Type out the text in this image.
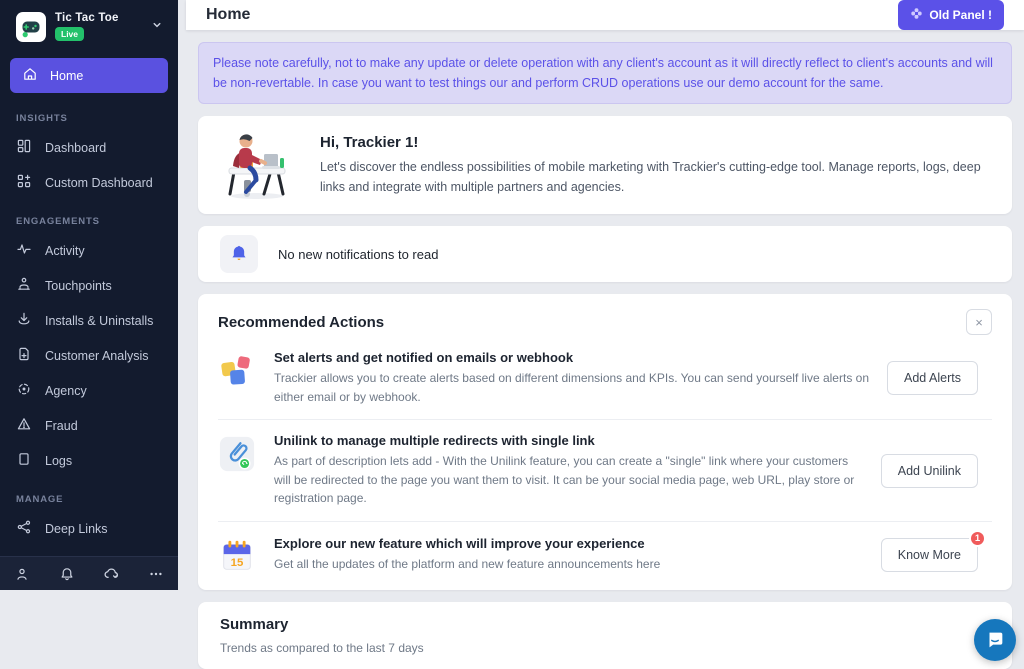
Tic Tac Toe
Live
Home
INSIGHTS
Dashboard
Custom Dashboard
ENGAGEMENTS
Activity
Touchpoints
Installs & Uninstalls
Customer Analysis
Agency
Fraud
Logs
MANAGE
Deep Links
Home	Old Panel !
Please note carefully, not to make any update or delete operation with any client's account as it will directly reflect to client's accounts and will be non-revertable. In case you want to test things our and perform CRUD operations use our demo account for the same.
Hi, Trackier 1!
Let's discover the endless possibilities of mobile marketing with Trackier's cutting-edge tool. Manage reports, logs, deep links and integrate with multiple partners and agencies.
No new notifications to read
Recommended Actions	×
Set alerts and get notified on emails or webhook
Trackier allows you to create alerts based on different dimensions and KPIs. You can send yourself live alerts on either email or by webhook.
Add Alerts
Unilink to manage multiple redirects with single link
As part of description lets add - With the Unilink feature, you can create a "single" link where your customers will be redirected to the page you want them to visit. It can be your social media page, web URL, play store or registration page.
Add Unilink
15
Explore our new feature which will improve your experience
Get all the updates of the platform and new feature announcements here
Know More
1
Summary
Trends as compared to the last 7 days
